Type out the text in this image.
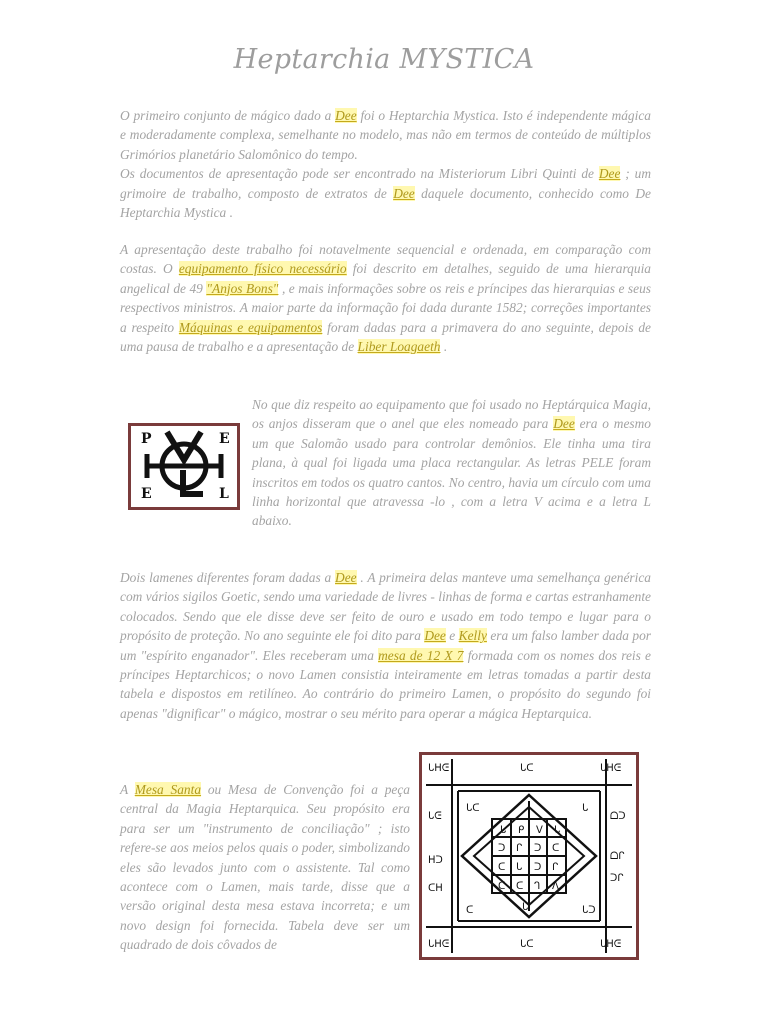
Heptarchia MYSTICA

O primeiro conjunto de mágico dado a Dee foi o Heptarchia Mystica. Isto é independente mágica e moderadamente complexa, semelhante no modelo, mas não em termos de conteúdo de múltiplos Grimórios planetário Salomônico do tempo.

Os documentos de apresentação pode ser encontrado na Misteriorum Libri Quinti de Dee ; um grimoire de trabalho, composto de extratos de Dee daquele documento, conhecido como De Heptarchia Mystica .

A apresentação deste trabalho foi notavelmente sequencial e ordenada, em comparação com costas. O equipamento físico necessário foi descrito em detalhes, seguido de uma hierarquia angelical de 49 "Anjos Bons" , e mais informações sobre os reis e príncipes das hierarquias e seus respectivos ministros. A maior parte da informação foi dada durante 1582; correções importantes a respeito Máquinas e equipamentos foram dadas para a primavera do ano seguinte, depois de uma pausa de trabalho e a apresentação de Liber Loagaeth .

No que diz respeito ao equipamento que foi usado no Heptárquica Magia, os anjos disseram que o anel que eles nomeado para Dee era o mesmo um que Salomão usado para controlar demônios. Ele tinha uma tira plana, à qual foi ligada uma placa rectangular. As letras PELE foram inscritos em todos os quatro cantos. No centro, havia um círculo com uma linha horizontal que atravessa -lo , com a letra V acima e a letra L abaixo.

P	E
E	L

Dois lamenes diferentes foram dadas a Dee . A primeira delas manteve uma semelhança genérica com vários sigilos Goetic, sendo uma variedade de livres - linhas de forma e cartas estranhamente colocados. Sendo que ele disse deve ser feito de ouro e usado em todo tempo e lugar para o propósito de proteção. No ano seguinte ele foi dito para Dee e Kelly era um falso lamber dada por um "espírito enganador". Eles receberam uma mesa de 12 X 7 formada com os nomes dos reis e príncipes Heptarchicos; o novo Lamen consistia inteiramente em letras tomadas a partir desta tabela e dispostos em retilíneo. Ao contrário do primeiro Lamen, o propósito do segundo foi apenas "dignificar" o mágico, mostrar o seu mérito para operar a mágica Heptarquica.

A Mesa Santa ou Mesa de Convenção foi a peça central da Magia Heptarquica. Seu propósito era para ser um "instrumento de conciliação" ; isto refere-se aos meios pelos quais o poder, simbolizando eles são levados junto com o assistente. Tal como acontece com o Lamen, mais tarde, disse que a versão original desta mesa estava incorreta; e um novo design foi fornecida. Tabela deve ser um quadrado de dois côvados de

ᒐᕼᕮ	ᒐᑕ	ᒐᕼᕮ
ᒐᕮ
ᕼᑐ
ᑕᕼ
ᗝᑐ
ᗝᒋ
ᑐᒋ
ᒐᕼᕮ	ᒐᑕ	ᒐᕼᕮ
ᒐ ᑭ ᐯ ᒐ
ᑐ ᒋ ᑐ ᑕ
ᑕ ᒐ ᑐ ᒋ
ᑕ ᑕ ᒉ ᐱ
ᒐ
ᒐᑕ	ᒐ
ᑕ	ᒐᑐ
